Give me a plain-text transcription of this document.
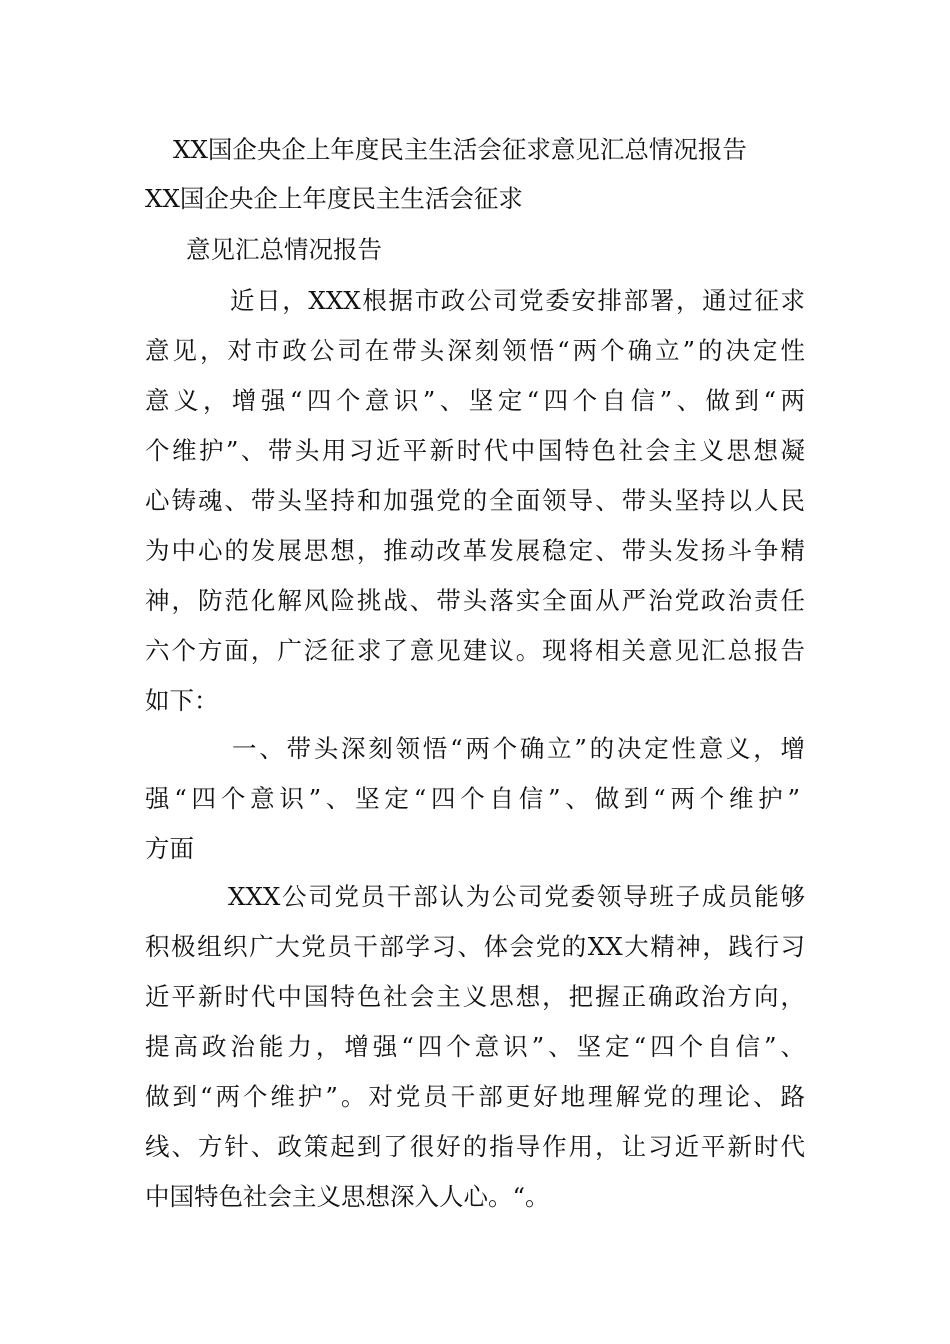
XX国企央企上年度民主生活会征求意见汇总情况报告
XX国企央企上年度民主生活会征求
意见汇总情况报告
近日，XXX根据市政公司党委安排部署，通过征求
意见，对市政公司在带头深刻领悟“两个确立”的决定性
意义，增强“四个意识”、坚定“四个自信”、做到“两
个维护”、带头用习近平新时代中国特色社会主义思想凝
心铸魂、带头坚持和加强党的全面领导、带头坚持以人民
为中心的发展思想，推动改革发展稳定、带头发扬斗争精
神，防范化解风险挑战、带头落实全面从严治党政治责任
六个方面，广泛征求了意见建议。现将相关意见汇总报告
如下：
一、带头深刻领悟“两个确立”的决定性意义，增
强“四个意识”、坚定“四个自信”、做到“两个维护”
方面
XXX公司党员干部认为公司党委领导班子成员能够
积极组织广大党员干部学习、体会党的XX大精神，践行习
近平新时代中国特色社会主义思想，把握正确政治方向，
提高政治能力，增强“四个意识”、坚定“四个自信”、
做到“两个维护”。对党员干部更好地理解党的理论、路
线、方针、政策起到了很好的指导作用，让习近平新时代
中国特色社会主义思想深入人心。“。
